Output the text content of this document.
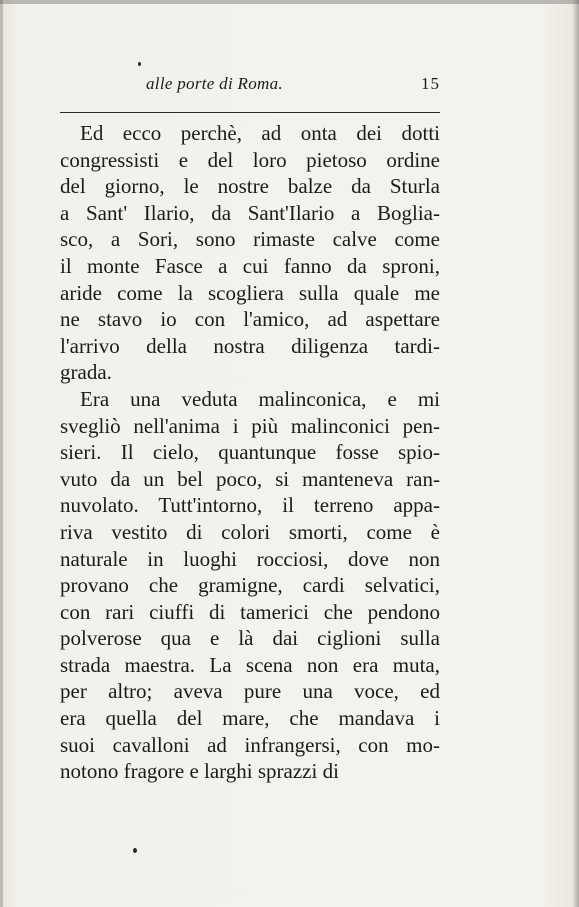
alle porte di Roma.	15
Ed ecco perchè, ad onta dei dotti
congressisti e del loro pietoso ordine
del giorno, le nostre balze da Sturla
a Sant' Ilario, da Sant'Ilario a Boglia-
sco, a Sori, sono rimaste calve come
il monte Fasce a cui fanno da sproni,
aride come la scogliera sulla quale me
ne stavo io con l'amico, ad aspettare
l'arrivo della nostra diligenza tardi-
grada.
Era una veduta malinconica, e mi
svegliò nell'anima i più malinconici pen-
sieri. Il cielo, quantunque fosse spio-
vuto da un bel poco, si manteneva ran-
nuvolato. Tutt'intorno, il terreno appa-
riva vestito di colori smorti, come è
naturale in luoghi rocciosi, dove non
provano che gramigne, cardi selvatici,
con rari ciuffi di tamerici che pendono
polverose qua e là dai ciglioni sulla
strada maestra. La scena non era muta,
per altro; aveva pure una voce, ed
era quella del mare, che mandava i
suoi cavalloni ad infrangersi, con mo-
notono fragore e larghi sprazzi di
